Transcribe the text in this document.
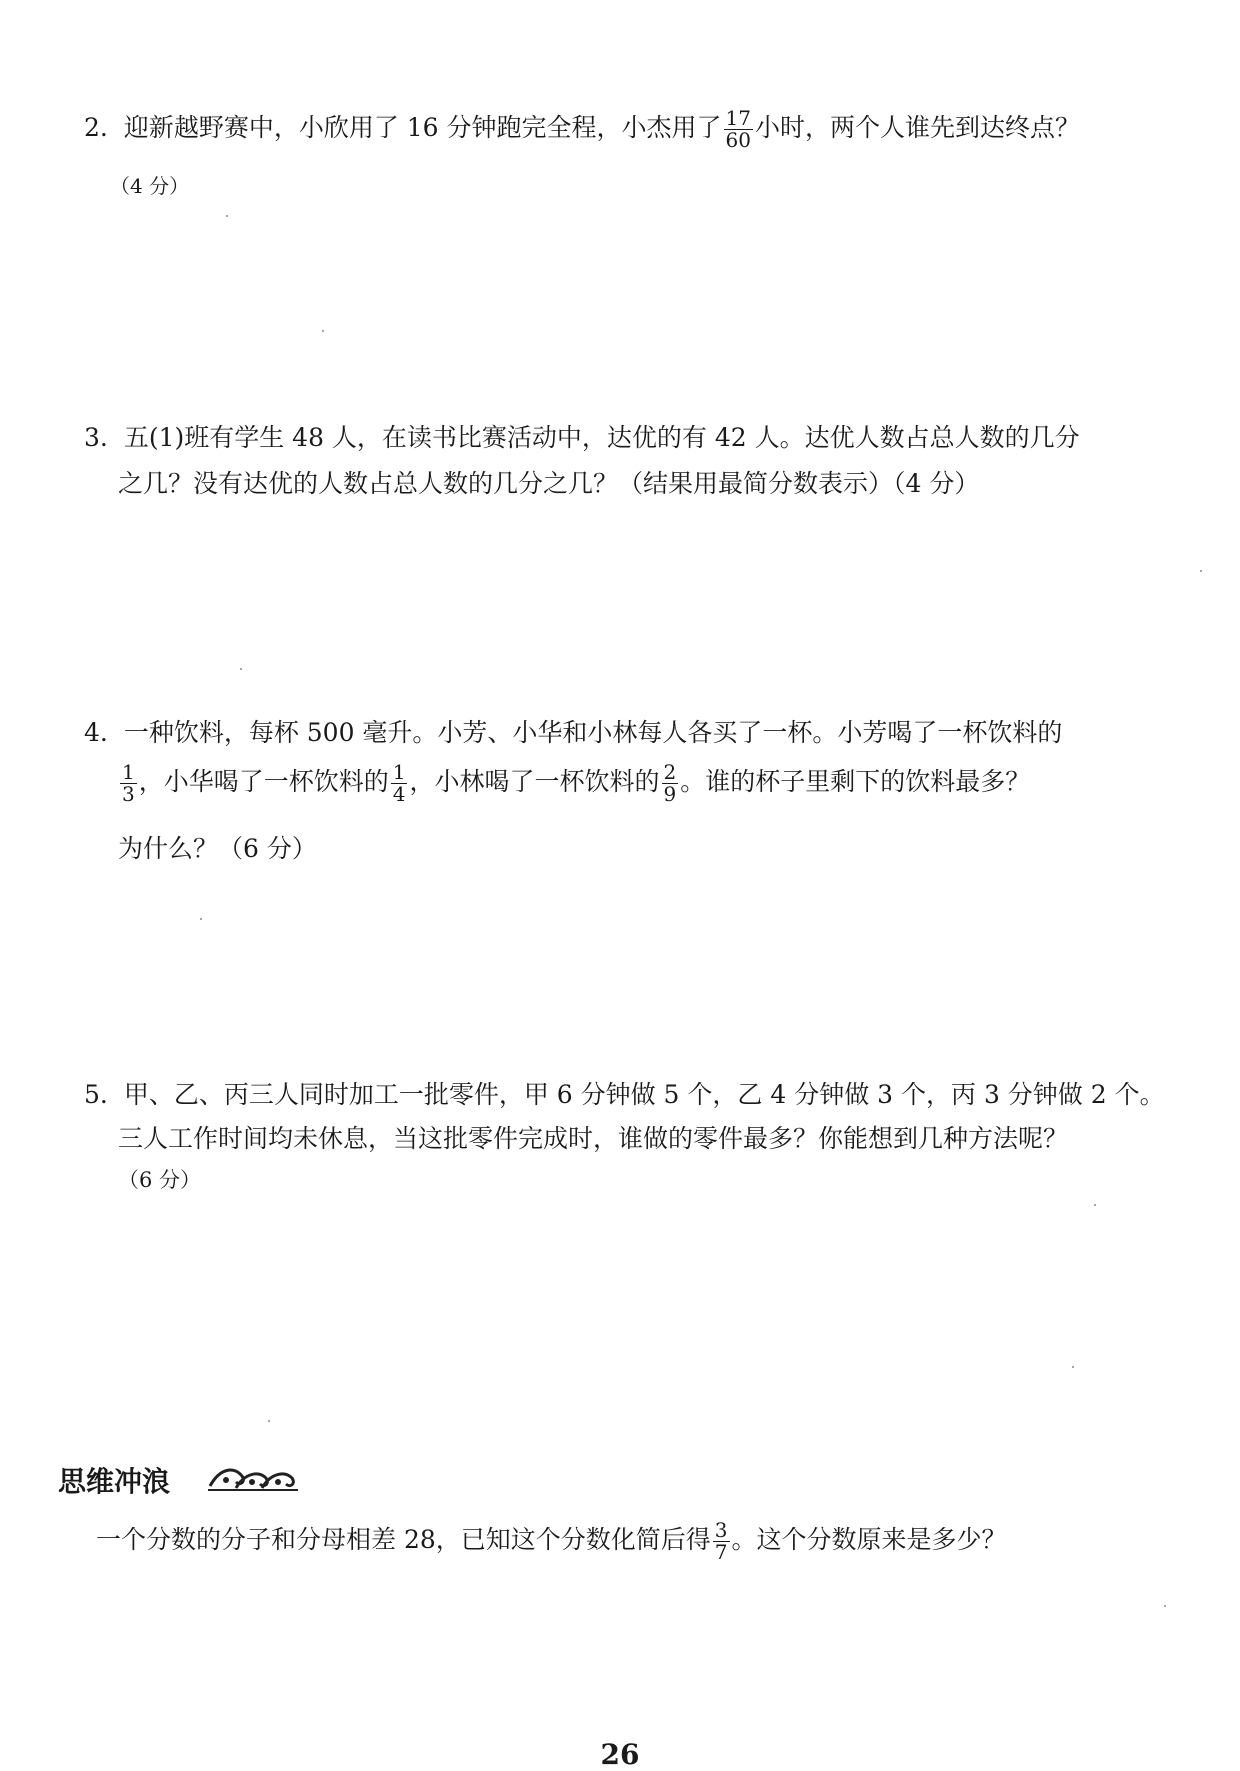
2. 迎新越野赛中，小欣用了 16 分钟跑完全程，小杰用了 $\frac{17}{60}$ 小时，两个人谁先到达终点？
（4 分）
3. 五(1)班有学生 48 人，在读书比赛活动中，达优的有 42 人。达优人数占总人数的几分
之几？没有达优的人数占总人数的几分之几？（结果用最简分数表示）（4 分）
4. 一种饮料，每杯 500 毫升。小芳、小华和小林每人各买了一杯。小芳喝了一杯饮料的
$\frac{1}{3}$ ，小华喝了一杯饮料的 $\frac{1}{4}$ ，小林喝了一杯饮料的 $\frac{2}{9}$ 。谁的杯子里剩下的饮料最多？
为什么？（6 分）
5. 甲、乙、丙三人同时加工一批零件，甲 6 分钟做 5 个，乙 4 分钟做 3 个，丙 3 分钟做 2 个。
三人工作时间均未休息，当这批零件完成时，谁做的零件最多？你能想到几种方法呢？
（6 分）
思维冲浪
一个分数的分子和分母相差 28，已知这个分数化简后得 $\frac{3}{7}$ 。这个分数原来是多少？
26
